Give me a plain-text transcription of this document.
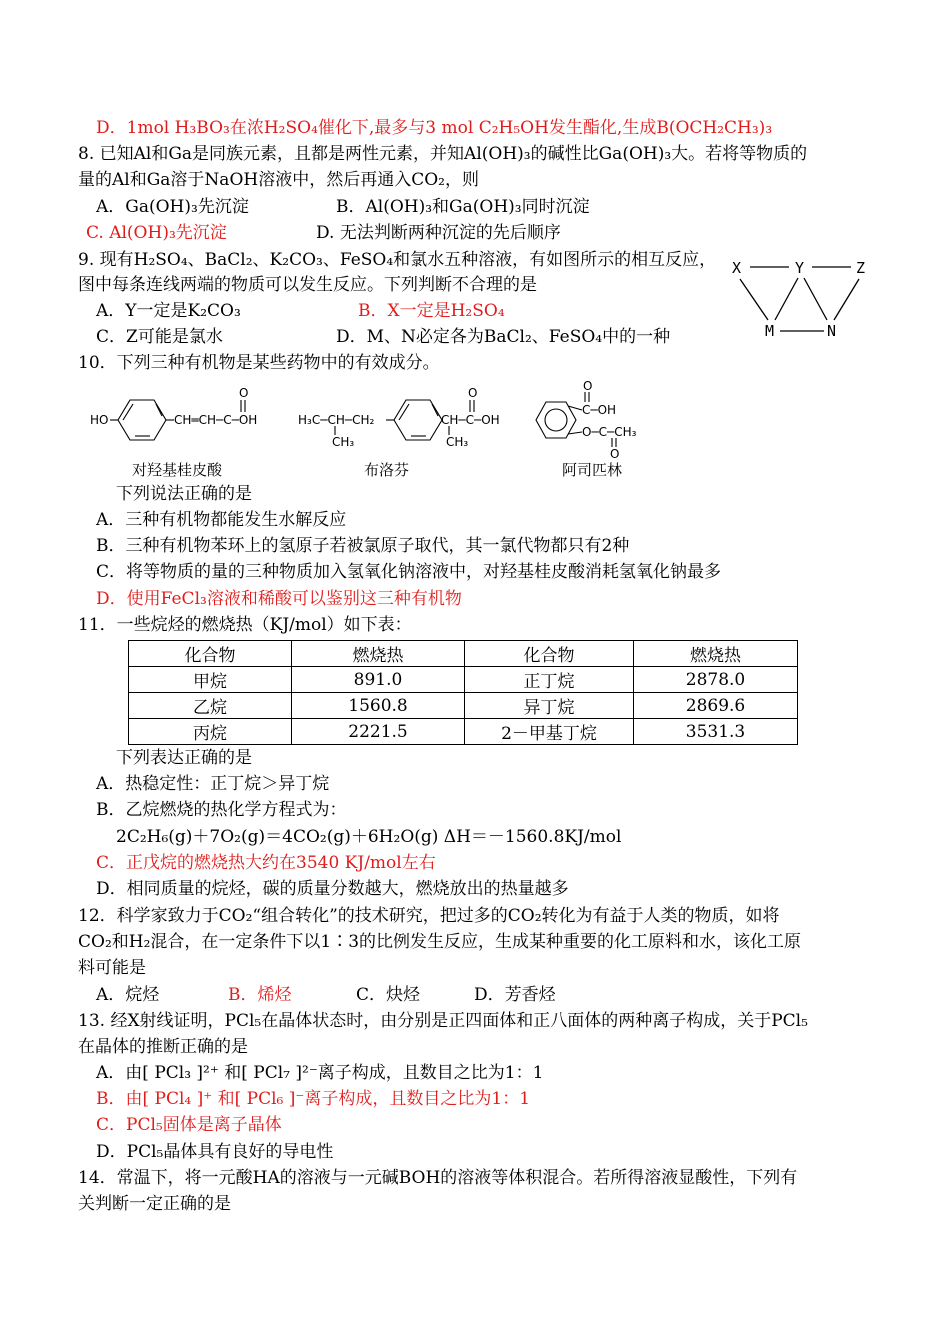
D．1mol H₃BO₃在浓H₂SO₄催化下,最多与3 mol C₂H₅OH发生酯化,生成B(OCH₂CH₃)₃
8. 已知Al和Ga是同族元素，且都是两性元素，并知Al(OH)₃的碱性比Ga(OH)₃大。若将等物质的
量的Al和Ga溶于NaOH溶液中，然后再通入CO₂，则
A．Ga(OH)₃先沉淀	B．Al(OH)₃和Ga(OH)₃同时沉淀
C. Al(OH)₃先沉淀	D. 无法判断两种沉淀的先后顺序
9. 现有H₂SO₄、BaCl₂、K₂CO₃、FeSO₄和氯水五种溶液，有如图所示的相互反应，
图中每条连线两端的物质可以发生反应。下列判断不合理的是
A．Y一定是K₂CO₃	B．X一定是H₂SO₄
C．Z可能是氯水	D．M、N必定各为BaCl₂、FeSO₄中的一种
X	Y	Z
M	N
10．下列三种有机物是某些药物中的有效成分。
HO	CH═CH─C─OH
O
H₃C─CH─CH₂
CH₃
CH─C─OH
CH₃
O	O
C─OH
O─C─CH₃
O
对羟基桂皮酸	布洛芬	阿司匹林
下列说法正确的是
A．三种有机物都能发生水解反应
B．三种有机物苯环上的氢原子若被氯原子取代，其一氯代物都只有2种
C．将等物质的量的三种物质加入氢氧化钠溶液中，对羟基桂皮酸消耗氢氧化钠最多
D．使用FeCl₃溶液和稀酸可以鉴别这三种有机物
11．一些烷烃的燃烧热（KJ/mol）如下表：
化合物	燃烧热	化合物	燃烧热
甲烷	891.0	正丁烷	2878.0
乙烷	1560.8	异丁烷	2869.6
丙烷	2221.5	2－甲基丁烷	3531.3
下列表达正确的是
A．热稳定性：正丁烷＞异丁烷
B．乙烷燃烧的热化学方程式为：
2C₂H₆(g)＋7O₂(g)＝4CO₂(g)＋6H₂O(g) ΔH＝－1560.8KJ/mol
C．正戊烷的燃烧热大约在3540 KJ/mol左右
D．相同质量的烷烃，碳的质量分数越大，燃烧放出的热量越多
12．科学家致力于CO₂“组合转化”的技术研究，把过多的CO₂转化为有益于人类的物质，如将
CO₂和H₂混合，在一定条件下以1∶3的比例发生反应，生成某种重要的化工原料和水，该化工原
料可能是
A．烷烃	B．烯烃	C．炔烃	D．芳香烃
13. 经X射线证明，PCl₅在晶体状态时，由分别是正四面体和正八面体的两种离子构成，关于PCl₅
在晶体的推断正确的是
A．由[ PCl₃ ]²⁺ 和[ PCl₇ ]²⁻离子构成，且数目之比为1：1
B．由[ PCl₄ ]⁺ 和[ PCl₆ ]⁻离子构成，且数目之比为1：1
C．PCl₅固体是离子晶体
D．PCl₅晶体具有良好的导电性
14．常温下，将一元酸HA的溶液与一元碱BOH的溶液等体积混合。若所得溶液显酸性，下列有
关判断一定正确的是
